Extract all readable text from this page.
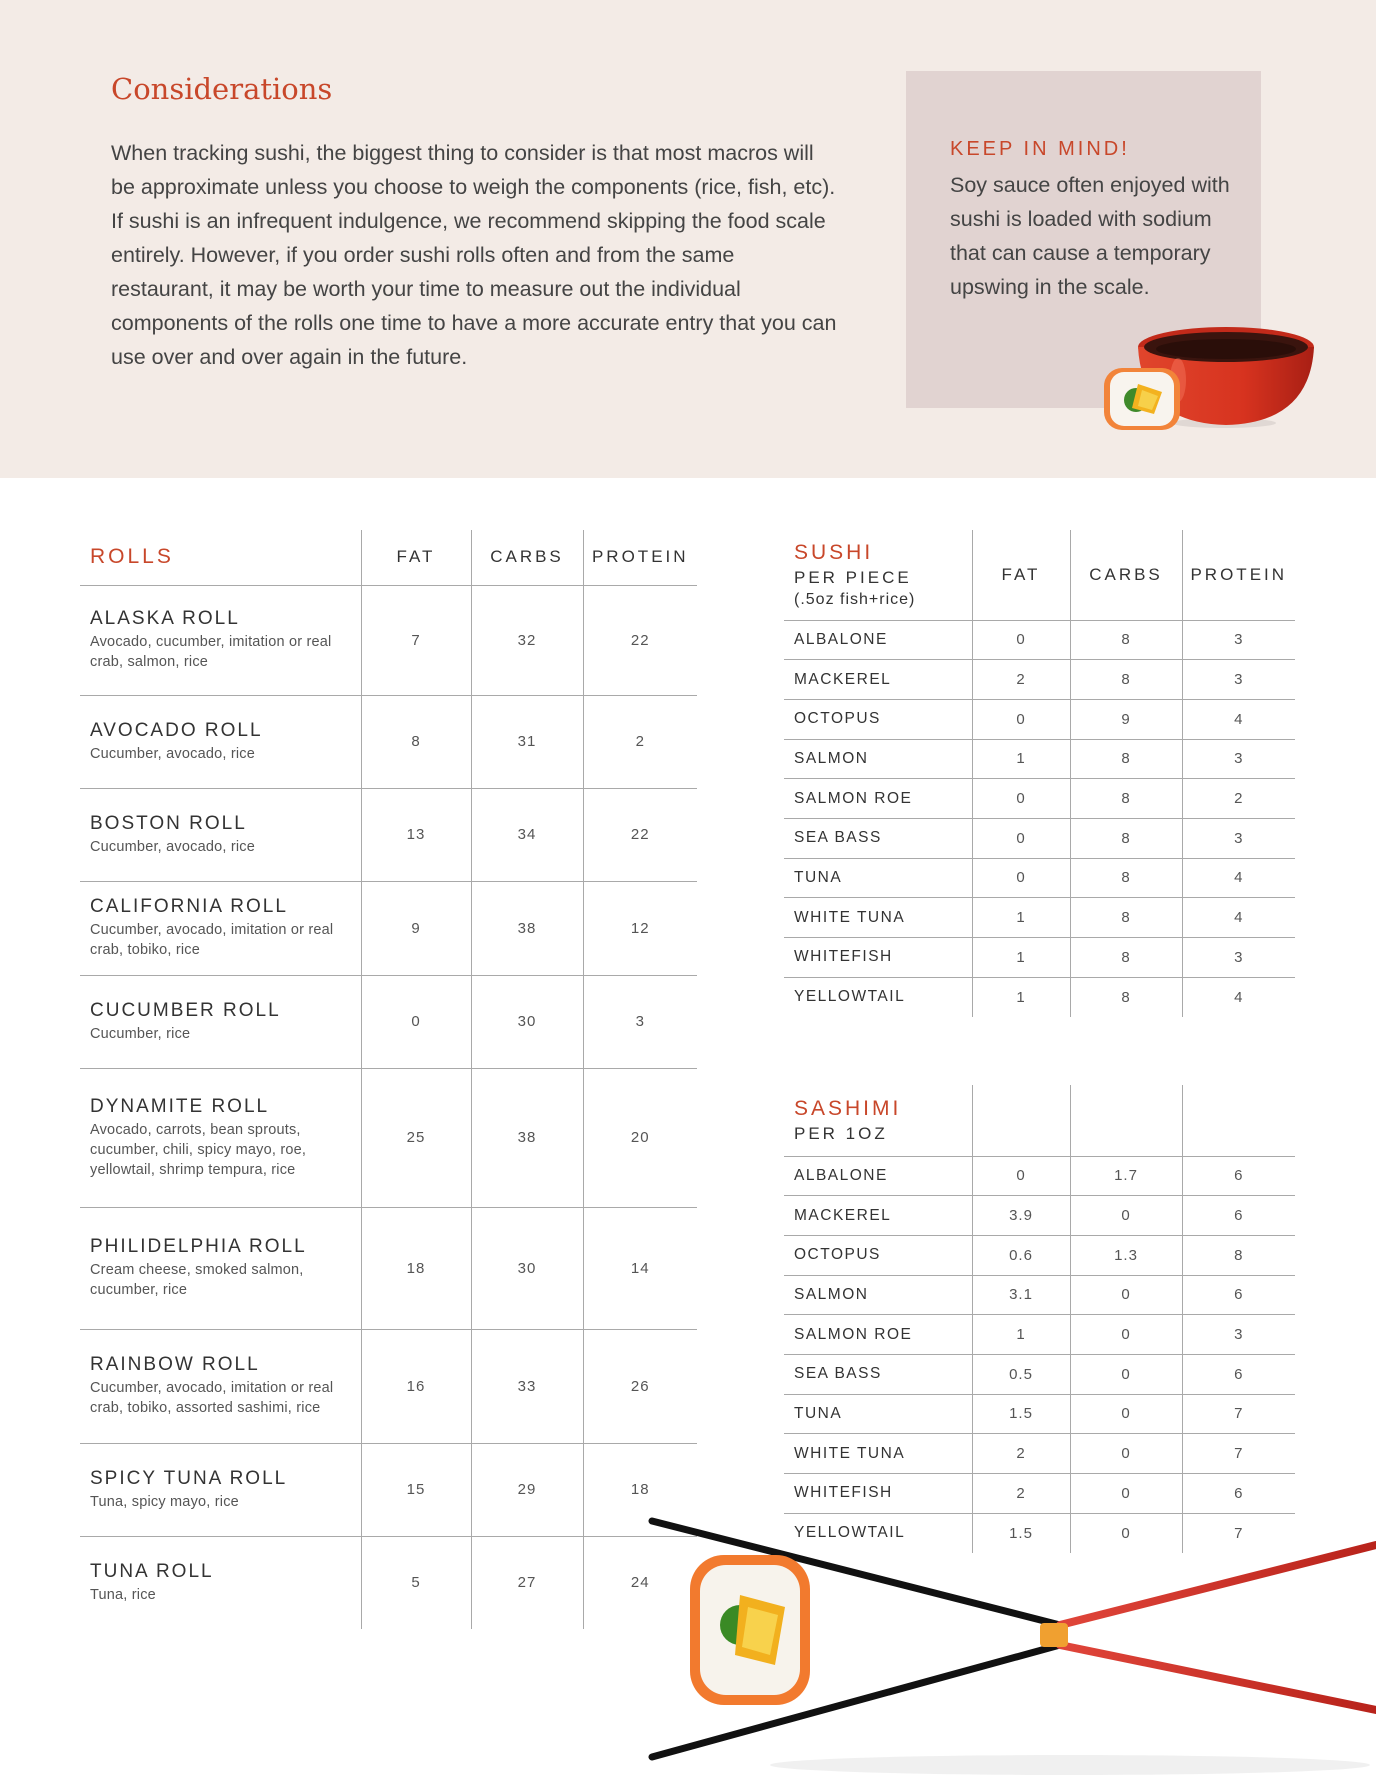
Considerations

When tracking sushi, the biggest thing to consider is that most macros will be approximate unless you choose to weigh the components (rice, fish, etc). If sushi is an infrequent indulgence, we recommend skipping the food scale entirely. However, if you order sushi rolls often and from the same restaurant, it may be worth your time to measure out the individual components of the rolls one time to have a more accurate entry that you can use over and over again in the future.

KEEP IN MIND!

Soy sauce often enjoyed with sushi is loaded with sodium that can cause a temporary upswing in the scale.

ROLLS	FAT	CARBS	PROTEIN

ALASKA ROLL
Avocado, cucumber, imitation or real crab, salmon, rice	7	32	22

AVOCADO ROLL
Cucumber, avocado, rice	8	31	2

BOSTON ROLL
Cucumber, avocado, rice	13	34	22

CALIFORNIA ROLL
Cucumber, avocado, imitation or real crab, tobiko, rice	9	38	12

CUCUMBER ROLL
Cucumber, rice	0	30	3

DYNAMITE ROLL
Avocado, carrots, bean sprouts, cucumber, chili, spicy mayo, roe, yellowtail, shrimp tempura, rice	25	38	20

PHILIDELPHIA ROLL
Cream cheese, smoked salmon, cucumber, rice	18	30	14

RAINBOW ROLL
Cucumber, avocado, imitation or real crab, tobiko, assorted sashimi, rice	16	33	26

SPICY TUNA ROLL
Tuna, spicy mayo, rice	15	29	18

TUNA ROLL
Tuna, rice	5	27	24
SUSHI
PER PIECE
(.5oz fish+rice)	FAT	CARBS	PROTEIN
ALBALONE	0	8	3
MACKEREL	2	8	3
OCTOPUS	0	9	4
SALMON	1	8	3
SALMON ROE	0	8	2
SEA BASS	0	8	3
TUNA	0	8	4
WHITE TUNA	1	8	4
WHITEFISH	1	8	3
YELLOWTAIL	1	8	4
SASHIMI
PER 1OZ			

ALBALONE	0	1.7	6
MACKEREL	3.9	0	6
OCTOPUS	0.6	1.3	8
SALMON	3.1	0	6
SALMON ROE	1	0	3
SEA BASS	0.5	0	6
TUNA	1.5	0	7
WHITE TUNA	2	0	7
WHITEFISH	2	0	6
YELLOWTAIL	1.5	0	7
